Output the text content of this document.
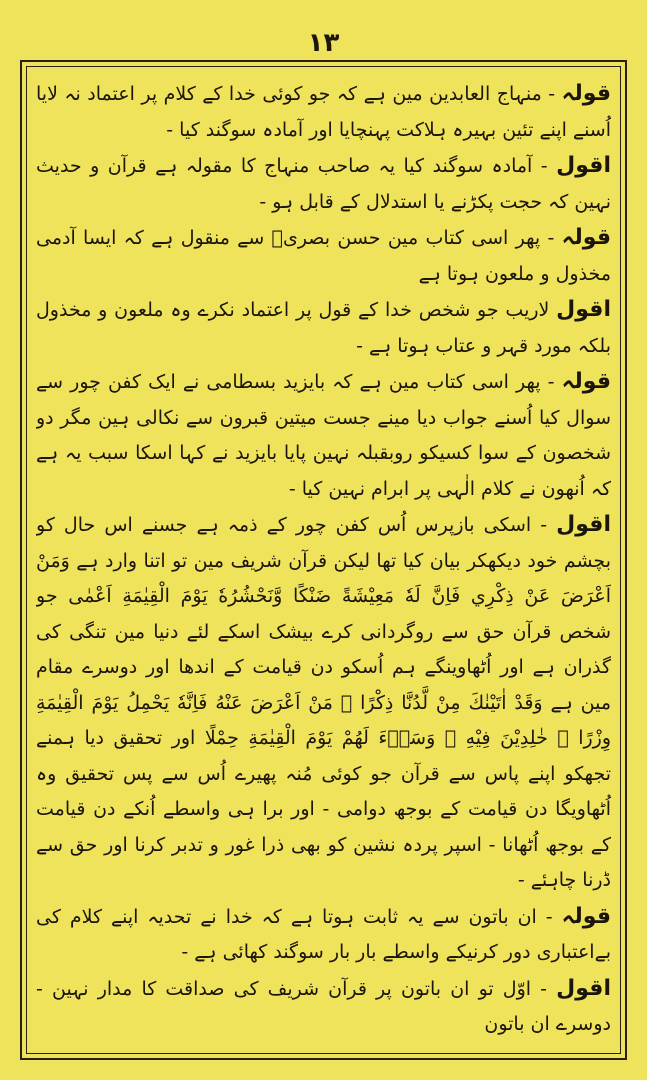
۱۳

قولہ - منہاج العابدین مین ہے کہ جو کوئی خدا کے کلام پر اعتماد نہ لایا اُسنے اپنے تئین بہیرہ ہلاکت پہنچایا اور آمادہ سوگند کیا -

اقول - آمادہ سوگند کیا یہ صاحب منہاج کا مقولہ ہے قرآن و حدیث نہین کہ حجت پکڑنے یا استدلال کے قابل ہو -

قولہ - پھر اسی کتاب مین حسن بصریؒ سے منقول ہے کہ ایسا آدمی مخذول و ملعون ہوتا ہے

اقول لاریب جو شخص خدا کے قول پر اعتماد نکرے وہ ملعون و مخذول بلکہ مورد قہر و عتاب ہوتا ہے -

قولہ - پھر اسی کتاب مین ہے کہ بایزید بسطامی نے ایک کفن چور سے سوال کیا اُسنے جواب دیا مینے جست میتین قبرون سے نکالی ہین مگر دو شخصون کے سوا کسیکو روبقبلہ نہین پایا بایزید نے کہا اسکا سبب یہ ہے کہ اُنھون نے کلام الٰہی پر ابرام نہین کیا -

اقول - اسکی بازپرس اُس کفن چور کے ذمہ ہے جسنے اس حال کو بچشم خود دیکھکر بیان کیا تھا لیکن قرآن شریف مین تو اتنا وارد ہے وَمَنْ اَعْرَضَ عَنْ ذِكْرِي فَاِنَّ لَهٗ مَعِيْشَةً ضَنْكًا وَّنَحْشُرُهٗ يَوْمَ الْقِيٰمَةِ اَعْمٰى جو شخص قرآن حق سے روگردانی کرے بیشک اسکے لئے دنیا مین تنگی کی گذران ہے اور اُٹھاوینگے ہم اُسکو دن قیامت کے اندھا اور دوسرے مقام مین ہے وَقَدْ اٰتَيْنٰكَ مِنْ لَّدُنَّا ذِكْرًا ۚ مَنْ اَعْرَضَ عَنْهُ فَاِنَّهٗ يَحْمِلُ يَوْمَ الْقِيٰمَةِ وِزْرًا ۙ خٰلِدِيْنَ فِيْهِ ۭ وَسَاۗءَ لَهُمْ يَوْمَ الْقِيٰمَةِ حِمْلًا اور تحقیق دیا ہمنے تجھکو اپنے پاس سے قرآن جو کوئی مُنہ پھیرے اُس سے پس تحقیق وہ اُٹھاویگا دن قیامت کے بوجھ دوامی - اور برا ہی واسطے اُنکے دن قیامت کے بوجھ اُٹھانا - اسپر پردہ نشین کو بھی ذرا غور و تدبر کرنا اور حق سے ڈرنا چاہئے -

قولہ - ان باتون سے یہ ثابت ہوتا ہے کہ خدا نے تحدیہ اپنے کلام کی بےاعتباری دور کرنیکے واسطے بار بار سوگند کھائی ہے -

اقول - اوّل تو ان باتون پر قرآن شریف کی صداقت کا مدار نہین - دوسرے ان باتون
